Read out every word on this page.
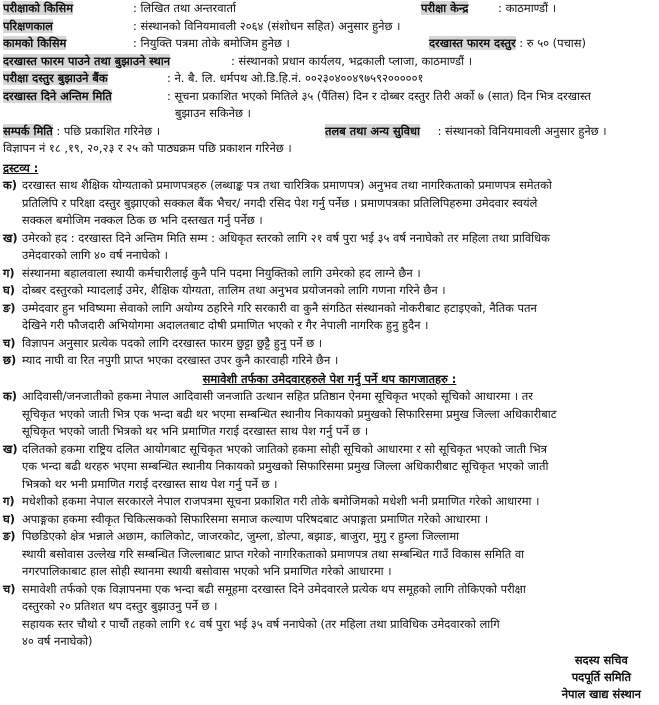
परीक्षाको किसिम	: लिखित तथा अन्तरवार्ता	परीक्षा केन्द्र	: काठमाण्डौं ।
परिक्षणकाल	: संस्थानको विनियमावली २०६४ (संशोधन सहित) अनुसार हुनेछ ।
कामको किसिम	: नियुक्ति पत्रमा तोके बमोजिम हुनेछ ।	दरखास्त फारम दस्तुर : रु ५० (पचास)
दरखास्त फारम पाउने तथा बुझाउने स्थान	: संस्थानको प्रधान कार्यलय, भद्रकाली प्लाजा, काठमाण्डौं ।
परीक्षा दस्तुर बुझाउने बैंक	: ने. बै. लि. धर्मपथ ओ.डि.हि.नं. ००२३०४००४९७५९२०००००१
दरखास्त दिने अन्तिम मिति	: सूचना प्रकाशित भएको मितिले ३५ (पैंतिस) दिन र दोब्बर दस्तुर तिरी अर्को ७ (सात) दिन भित्र दरखास्त
बुझाउन सकिनेछ ।
सम्पर्क मिति : पछि प्रकाशित गरिनेछ ।	तलब तथा अन्य सुविधा : संस्थानको विनियमावली अनुसार हुनेछ ।
विज्ञापन नं १८ ,१९, २०,२३ र २५ को पाठ्यक्रम पछि प्रकाशन गरिनेछ ।
द्रस्टव्य :
क) दरखास्त साथ शैक्षिक योग्यताको प्रमाणपत्रहरु (लब्धाङ्क पत्र तथा चारित्रिक प्रमाणपत्र) अनुभव तथा नागरिकताको प्रमाणपत्र समेतको
प्रतिलिपि र परिक्षा दस्तुर बुझाएको सक्कल बैंक भैचर/ नगदी रसिद पेश गर्नु पर्नेछ । प्रमाणपत्रका प्रतिलिपिहरुमा उमेदवार स्वयंले
सक्कल बमोजिम नक्कल ठिक छ भनि दस्तखत गर्नु पर्नेछ ।
ख) उमेरको हद : दरखास्त दिने अन्तिम मिति सम्म : अधिकृत स्तरको लागि २१ वर्ष पुरा भई ३५ वर्ष ननाघेको तर महिला तथा प्राविधिक
उमेदवारको लागि ४० वर्ष ननाघेको ।
ग) संस्थानमा बहालवाला स्थायी कर्मचारीलाई कुनै पनि पदमा नियुक्तिको लागि उमेरको हद लाग्ने छैन ।
घ) दोब्बर दस्तुरको म्यादलाई उमेर, शैक्षिक योग्यता, तालिम तथा अनुभव प्रयोजनको लागि गणना गरिने छैन ।
ङ) उम्मेदवार हुन भविष्यमा सेवाको लागि अयोग्य ठहरिने गरि सरकारी वा कुनै संगठित संस्थानको नोकरीबाट हटाइएको, नैतिक पतन
देखिने गरी फौजदारी अभियोगमा अदालतबाट दोषी प्रमाणित भएको र गैर नेपाली नागरिक हुनु हुदैन ।
च) विज्ञापन अनुसार प्रत्येक पदको लागि दरखास्त फारम छुट्टा छुट्टै हुनु पर्ने छ ।
छ) म्याद नाघी वा रित नपुगी प्राप्त भएका दरखास्त उपर कुनै कारवाही गरिने छैन ।
समावेशी तर्फका उमेदवारहरुले पेश गर्नु पर्ने थप कागजातहरु :
क) आदिवासी/जनजातीको हकमा नेपाल आदिवासी जनजाति उत्थान सहित प्रतिष्ठान ऐनमा सूचिकृत भएको सूचिको आधारमा । तर
सूचिकृत भएको जाती भित्र एक भन्दा बढी थर भएमा सम्बन्धित स्थानीय निकायको प्रमुखको सिफारिसमा प्रमुख जिल्ला अधिकारीबाट
सूचिकृत भएको जाती भित्रको थर भनि प्रमाणित गराई दरखास्त साथ पेश गर्नु पर्ने छ ।
ख) दलितको हकमा राष्ट्रिय दलित आयोगबाट सूचिकृत भएको जातिको हकमा सोही सूचिको आधारमा र सो सूचिकृत भएको जाती भित्र
एक भन्दा बढी थरहरु भएमा सम्बन्धित स्थानीय निकायको प्रमुखको सिफारिसमा प्रमुख जिल्ला अधिकारीबाट सूचिकृत भएको जाती
भित्रको थर भनी प्रमाणित गराई दरखास्त साथ पेश गर्नु पर्ने छ ।
ग) मधेशीको हकमा नेपाल सरकारले नेपाल राजपत्रमा सूचना प्रकाशित गरी तोके बमोजिमको मधेशी भनी प्रमाणित गरेको आधारमा ।
घ) अपाङ्गका हकमा स्वीकृत चिकित्सकको सिफारिसमा समाज कल्याण परिषदबाट अपाङ्गता प्रमाणित गरेको आधारमा ।
ङ) पिछडिएको क्षेत्र भन्नाले अछाम, कालिकोट, जाजरकोट, जुम्ला, डोल्पा, बझाङ, बाजुरा, मुगु र हुम्ला जिल्लामा
स्थायी बसोवास उल्लेख गरि सम्बन्धित जिल्लाबाट प्राप्त गरेको नागरिकताको प्रमाणपत्र तथा सम्बन्धित गाउँ विकास समिति वा
नगरपालिकाबाट हाल सोही स्थानमा स्थायी बसोवास भएको भनि प्रमाणित गरेको आधारमा ।
च) समावेशी तर्फको एक विज्ञापनमा एक भन्दा बढी समूहमा दरखास्त दिने उमेदवारले प्रत्येक थप समूहको लागि तोकिएको परीक्षा
दस्तुरको २० प्रतिशत थप दस्तुर बुझाउनु पर्ने छ ।
सहायक स्तर चौथो र पाचौं तहको लागि १८ वर्ष पुरा भई ३५ वर्ष ननाघेको (तर महिला तथा प्राविधिक उमेदवारको लागि
४० वर्ष ननाघेको)
सदस्य सचिव
पदपूर्ति समिति
नेपाल खाद्य संस्थान
